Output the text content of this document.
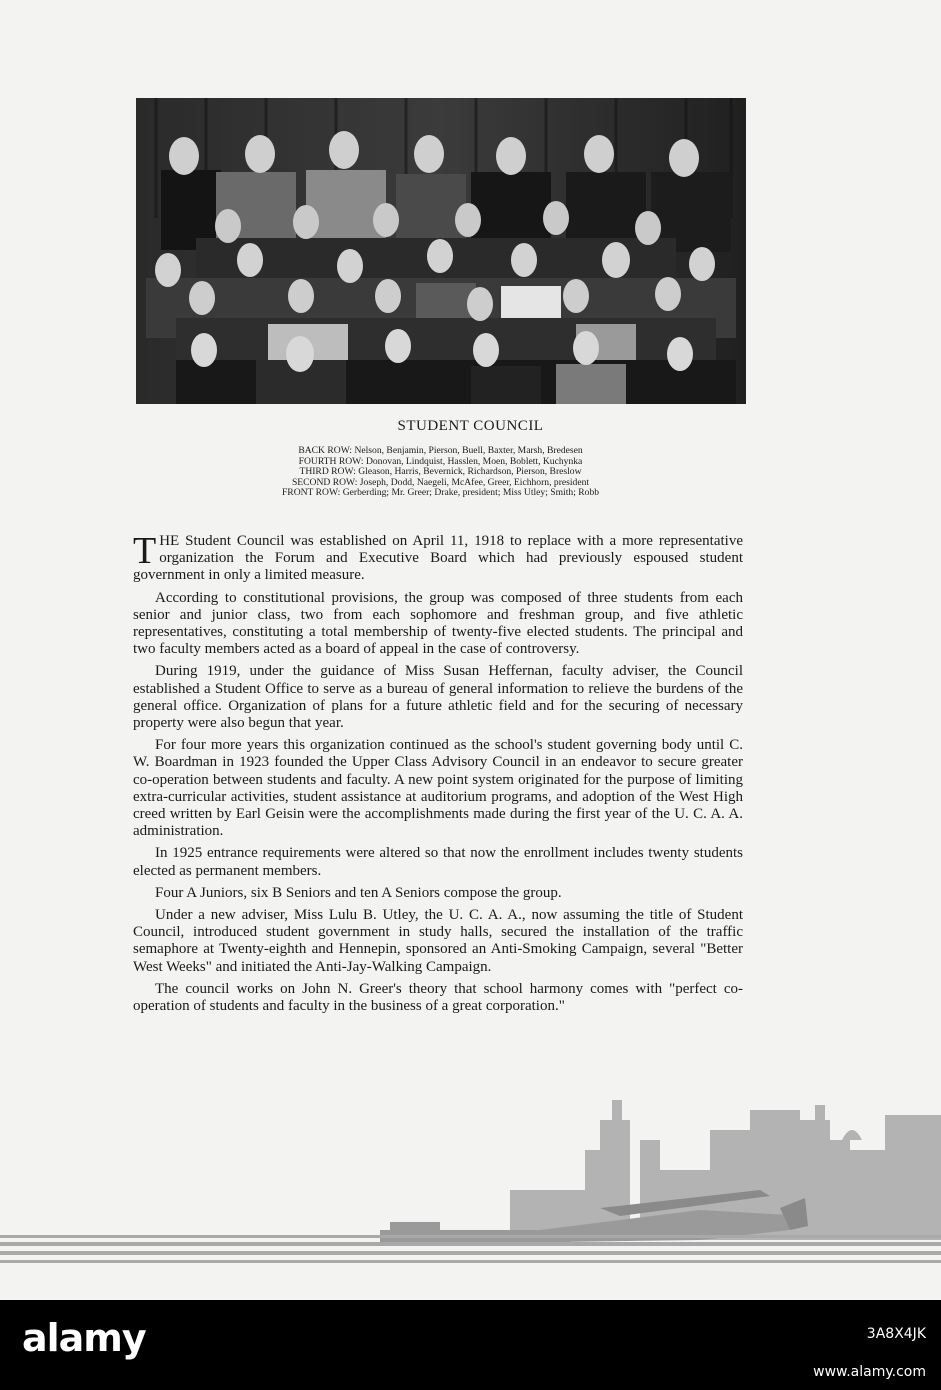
STUDENT COUNCIL
BACK ROW: Nelson, Benjamin, Pierson, Buell, Baxter, Marsh, Bredesen
FOURTH ROW: Donovan, Lindquist, Hasslen, Moen, Boblett, Kuchynka
THIRD ROW: Gleason, Harris, Bevernick, Richardson, Pierson, Breslow
SECOND ROW: Joseph, Dodd, Naegeli, McAfee, Greer, Eichhorn, president
FRONT ROW: Gerberding; Mr. Greer; Drake, president; Miss Utley; Smith; Robb

THE Student Council was established on April 11, 1918 to replace with a more representative organization the Forum and Executive Board which had previously espoused student government in only a limited measure.

According to constitutional provisions, the group was composed of three students from each senior and junior class, two from each sophomore and freshman group, and five athletic representatives, constituting a total membership of twenty-five elected students. The principal and two faculty members acted as a board of appeal in the case of controversy.

During 1919, under the guidance of Miss Susan Heffernan, faculty adviser, the Council established a Student Office to serve as a bureau of general information to relieve the burdens of the general office. Organization of plans for a future athletic field and for the securing of necessary property were also begun that year.

For four more years this organization continued as the school's student governing body until C. W. Boardman in 1923 founded the Upper Class Advisory Council in an endeavor to secure greater co-operation between students and faculty. A new point system originated for the purpose of limiting extra-curricular activities, student assistance at auditorium programs, and adoption of the West High creed written by Earl Geisin were the accomplishments made during the first year of the U. C. A. A. administration.

In 1925 entrance requirements were altered so that now the enrollment includes twenty students elected as permanent members.

Four A Juniors, six B Seniors and ten A Seniors compose the group.

Under a new adviser, Miss Lulu B. Utley, the U. C. A. A., now assuming the title of Student Council, introduced student government in study halls, secured the installation of the traffic semaphore at Twenty-eighth and Hennepin, sponsored an Anti-Smoking Campaign, several "Better West Weeks" and initiated the Anti-Jay-Walking Campaign.

The council works on John N. Greer's theory that school harmony comes with "perfect co-operation of students and faculty in the business of a great corporation."

alamy	3A8X4JK
www.alamy.com
